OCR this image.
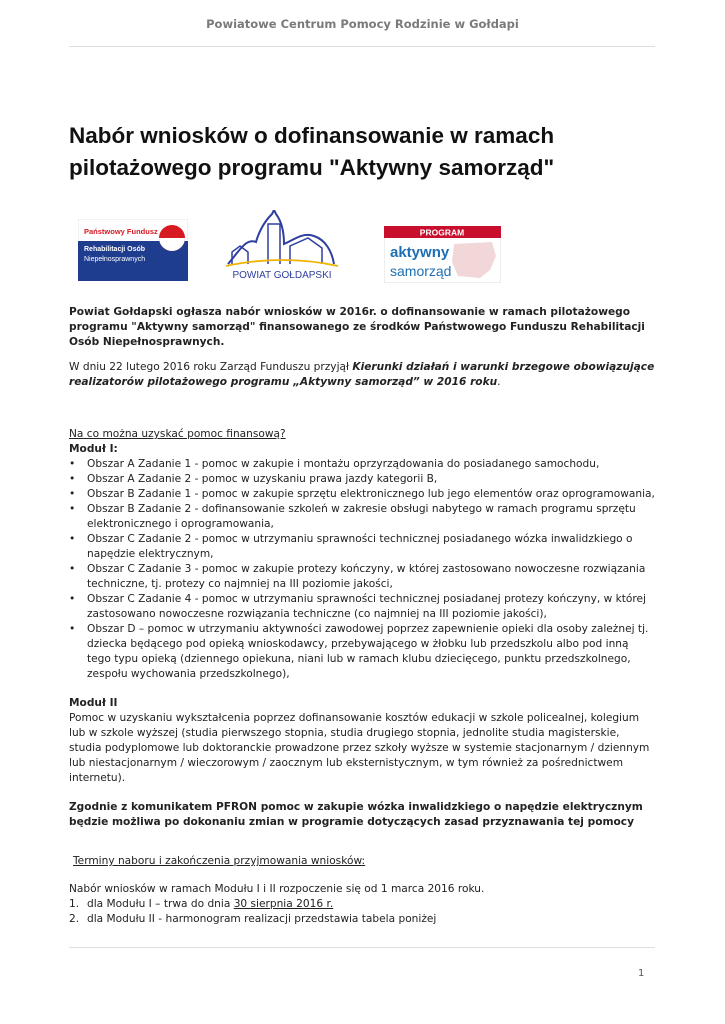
Powiatowe Centrum Pomocy Rodzinie w Gołdapi
Nabór wniosków o dofinansowanie w ramach pilotażowego programu "Aktywny samorząd"
Państwowy Fundusz
Rehabilitacji Osób
Niepełnosprawnych
POWIAT GOŁDAPSKI
PROGRAM
aktywny
samorząd

Powiat Gołdapski ogłasza nabór wniosków w 2016r. o dofinansowanie w ramach pilotażowego programu "Aktywny samorząd" finansowanego ze środków Państwowego Funduszu Rehabilitacji Osób Niepełnosprawnych.

W dniu 22 lutego 2016 roku Zarząd Funduszu przyjął Kierunki działań i warunki brzegowe obowiązujące realizatorów pilotażowego programu „Aktywny samorząd” w 2016 roku.

Na co można uzyskać pomoc finansową?

Moduł I:

•	Obszar A Zadanie 1 - pomoc w zakupie i montażu oprzyrządowania do posiadanego samochodu,
•	Obszar A Zadanie 2 - pomoc w uzyskaniu prawa jazdy kategorii B,
•	Obszar B Zadanie 1 - pomoc w zakupie sprzętu elektronicznego lub jego elementów oraz oprogramowania,
•	Obszar B Zadanie 2 - dofinansowanie szkoleń w zakresie obsługi nabytego w ramach programu sprzętu elektronicznego i oprogramowania,
•	Obszar C Zadanie 2 - pomoc w utrzymaniu sprawności technicznej posiadanego wózka inwalidzkiego o napędzie elektrycznym,
•	Obszar C Zadanie 3 - pomoc w zakupie protezy kończyny, w której zastosowano nowoczesne rozwiązania techniczne, tj. protezy co najmniej na III poziomie jakości,
•	Obszar C Zadanie 4 - pomoc w utrzymaniu sprawności technicznej posiadanej protezy kończyny, w której zastosowano nowoczesne rozwiązania techniczne (co najmniej na III poziomie jakości),
•	Obszar D – pomoc w utrzymaniu aktywności zawodowej poprzez zapewnienie opieki dla osoby zależnej tj. dziecka będącego pod opieką wnioskodawcy, przebywającego w żłobku lub przedszkolu albo pod inną tego typu opieką (dziennego opiekuna, niani lub w ramach klubu dziecięcego, punktu przedszkolnego, zespołu wychowania przedszkolnego),

Moduł II

Pomoc w uzyskaniu wykształcenia poprzez dofinansowanie kosztów edukacji w szkole policealnej, kolegium lub w szkole wyższej (studia pierwszego stopnia, studia drugiego stopnia, jednolite studia magisterskie, studia podyplomowe lub doktoranckie prowadzone przez szkoły wyższe w systemie stacjonarnym / dziennym lub niestacjonarnym / wieczorowym / zaocznym lub eksternistycznym, w tym również za pośrednictwem internetu).

Zgodnie z komunikatem PFRON pomoc w zakupie wózka inwalidzkiego o napędzie elektrycznym będzie możliwa po dokonaniu zmian w programie dotyczących zasad przyznawania tej pomocy

Terminy naboru i zakończenia przyjmowania wniosków:

Nabór wniosków w ramach Modułu I i II rozpoczenie się od 1 marca 2016 roku.

1. dla Modułu I – trwa do dnia 30 sierpnia 2016 r.
2. dla Modułu II - harmonogram realizacji przedstawia tabela poniżej
1
